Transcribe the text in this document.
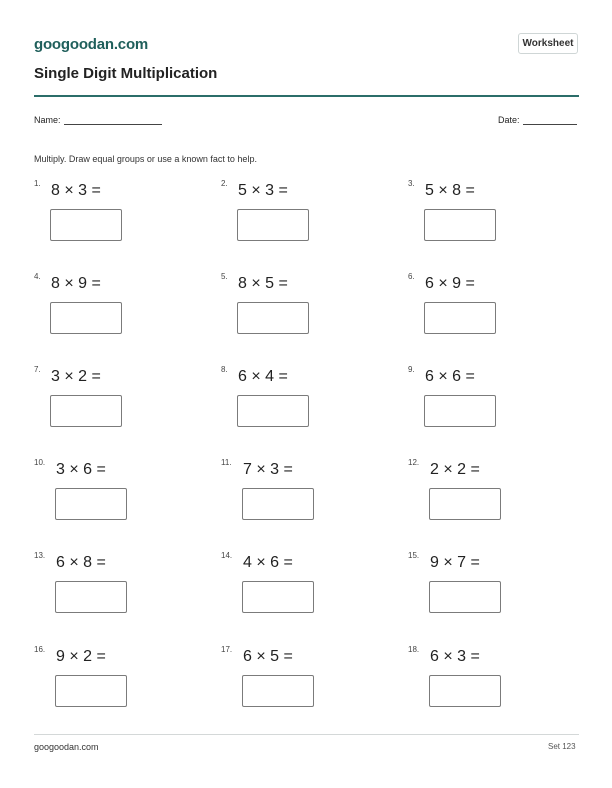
googoodan.com	Worksheet
Single Digit Multiplication
Name:	Date:
Multiply. Draw equal groups or use a known fact to help.
1. 8 × 3 =	2. 5 × 3 =	3. 5 × 8 =
4. 8 × 9 =	5. 8 × 5 =	6. 6 × 9 =
7. 3 × 2 =	8. 6 × 4 =	9. 6 × 6 =
10. 3 × 6 =	11. 7 × 3 =	12. 2 × 2 =
13. 6 × 8 =	14. 4 × 6 =	15. 9 × 7 =
16. 9 × 2 =	17. 6 × 5 =	18. 6 × 3 =
googoodan.com	Set 123
